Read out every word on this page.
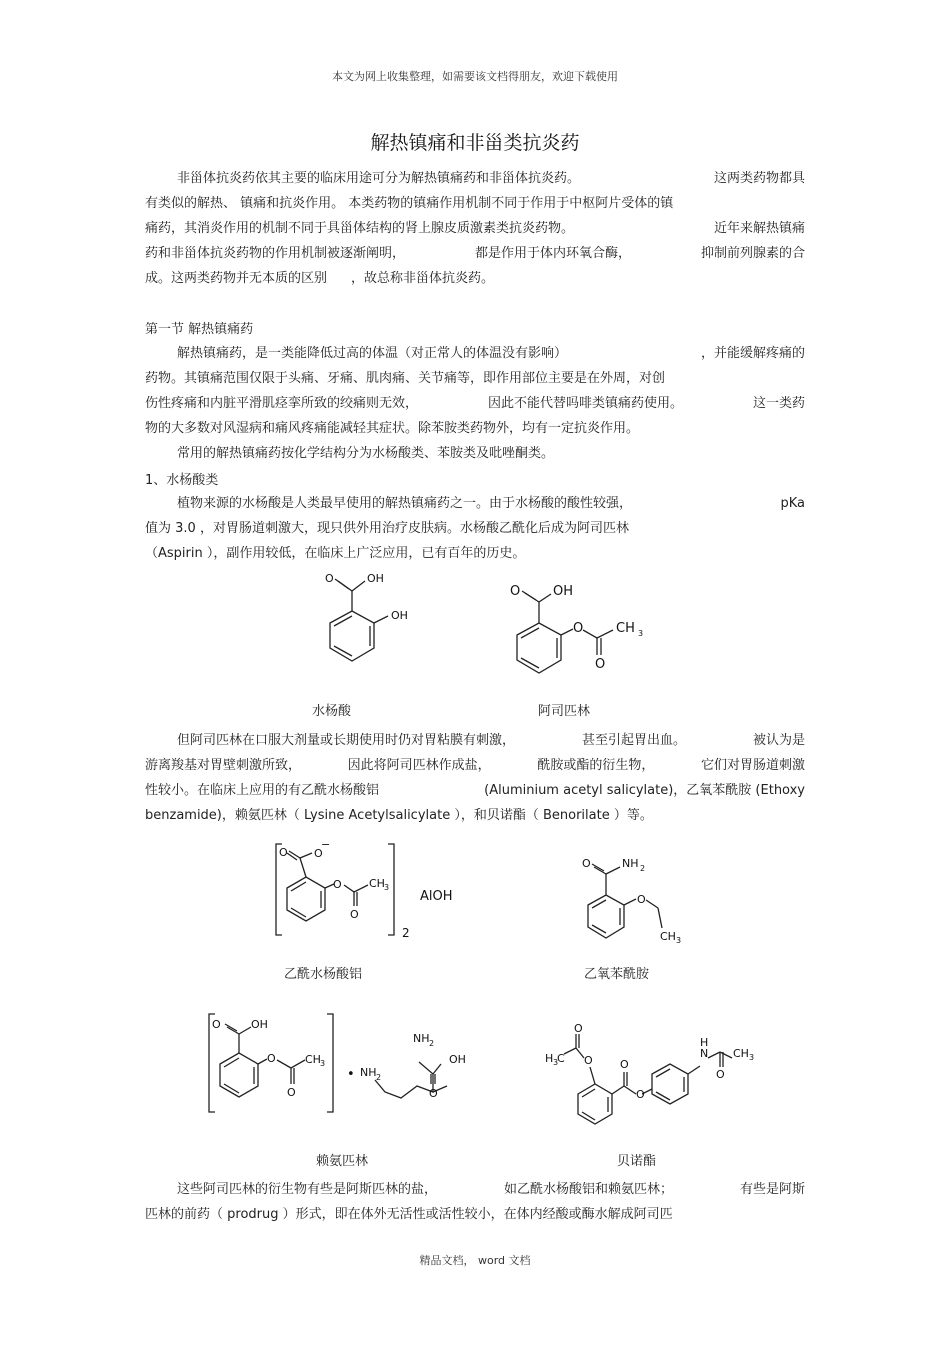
本文为网上收集整理，如需要该文档得朋友，欢迎下载使用
解热镇痛和非甾类抗炎药
非甾体抗炎药依其主要的临床用途可分为解热镇痛药和非甾体抗炎药。	这两类药物都具
有类似的解热、 镇痛和抗炎作用。 本类药物的镇痛作用机制不同于作用于中枢阿片受体的镇
痛药，其消炎作用的机制不同于具甾体结构的肾上腺皮质激素类抗炎药物。	近年来解热镇痛
药和非甾体抗炎药物的作用机制被逐渐阐明，	都是作用于体内环氧合酶，	抑制前列腺素的合
成。这两类药物并无本质的区别 ，故总称非甾体抗炎药。
第一节 解热镇痛药
解热镇痛药，是一类能降低过高的体温（对正常人的体温没有影响）	，并能缓解疼痛的
药物。其镇痛范围仅限于头痛、牙痛、肌肉痛、关节痛等，即作用部位主要是在外周，对创
伤性疼痛和内脏平滑肌痉挛所致的绞痛则无效，	因此不能代替吗啡类镇痛药使用。	这一类药
物的大多数对风湿病和痛风疼痛能减轻其症状。除苯胺类药物外，均有一定抗炎作用。
常用的解热镇痛药按化学结构分为水杨酸类、苯胺类及吡唑酮类。
1、水杨酸类
植物来源的水杨酸是人类最早使用的解热镇痛药之一。由于水杨酸的酸性较强，	pKa
值为 3.0 ，对胃肠道刺激大，现只供外用治疗皮肤病。水杨酸乙酰化后成为阿司匹林
（Aspirin ），副作用较低，在临床上广泛应用，已有百年的历史。
O	OH
OH
水杨酸
O	OH
O
O
CH 3
阿司匹林
但阿司匹林在口服大剂量或长期使用时仍对胃粘膜有刺激，	甚至引起胃出血。	被认为是
游离羧基对胃壁刺激所致，	因此将阿司匹林作成盐，	酰胺或酯的衍生物，	它们对胃肠道刺激
性较小。在临床上应用的有乙酰水杨酸铝	(Aluminium acetyl salicylate)，乙氧苯酰胺 (Ethoxy
benzamide)，赖氨匹林（ Lysine Acetylsalicylate ），和贝诺酯（ Benorilate ）等。
O O
−
O
O
CH 3
2
AlOH
乙酰水杨酸铝
O	NH 2
O
CH 3
乙氧苯酰胺
O	OH
O
O
CH 3
• NH 2
NH 2
OH
O
赖氨匹林
O
O
H 3
C	O
O
H
N CH 3
O
贝诺酯
这些阿司匹林的衍生物有些是阿斯匹林的盐，	如乙酰水杨酸铝和赖氨匹林；	有些是阿斯
匹林的前药（ prodrug ）形式，即在体外无活性或活性较小，在体内经酸或酶水解成阿司匹
精品文档， word 文档
